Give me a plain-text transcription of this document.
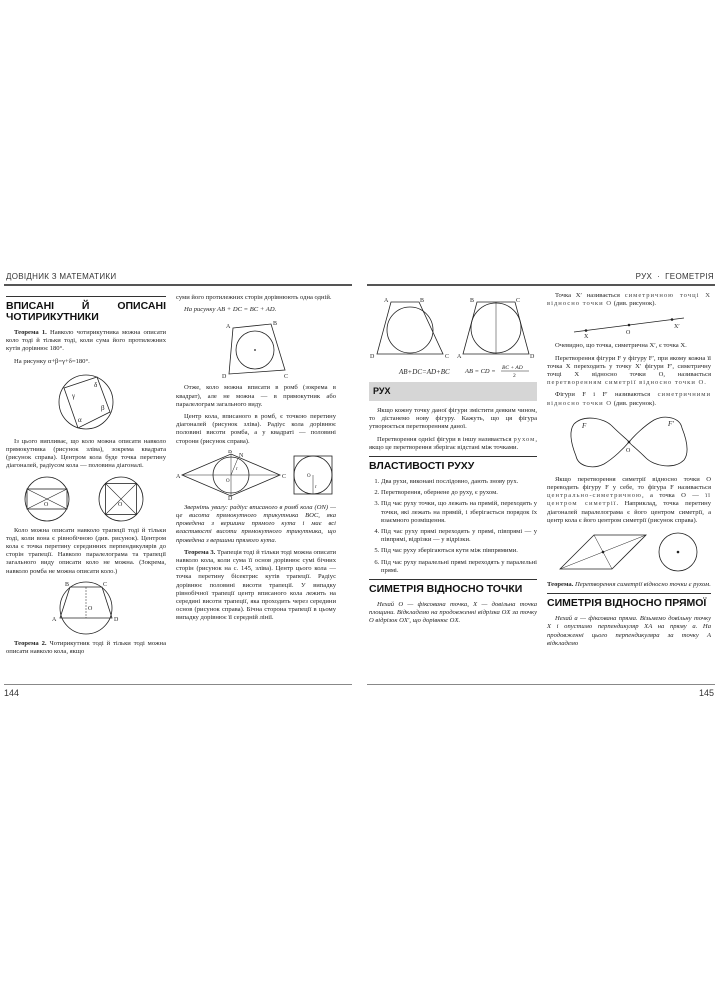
ДОВІДНИК З МАТЕМАТИКИ
ВПИСАНІ Й ОПИСАНІ ЧОТИРИКУТНИКИ

Теорема 1. Навколо чотирикутника можна описати коло тоді й тільки тоді, коли сума його протилежних кутів дорівнює 180°.

На рисунку α+β=γ+δ=180°.

γ
δ
β
α

Із цього випливає, що коло можна описати навколо прямокутника (рисунок зліва), зокрема квадрата (рисунок справа). Центром кола буде точка перетину діагоналей, радіусом кола — половина діагоналі.

O	O

Коло можна описати навколо трапеції тоді й тільки тоді, коли вона є рівнобічною (див. рисунок). Центром кола є точка перетину серединних перпендикулярів до сторін трапеції. Навколо паралелограма та трапеції загального виду описати коло не можна. (Зокрема, навколо ромба не можна описати коло.)

B	C
A	D
O

Теорема 2. Чотирикутник тоді й тільки тоді можна описати навколо кола, якщо

суми його протилежних сторін дорівнюють одна одній.

На рисунку AB + DC = BC + AD.

A	B
C
D

Отже, коло можна вписати в ромб (зокрема в квадрат), але не можна — в прямокутник або паралелограм загального виду.

Центр кола, вписаного в ромб, є точкою перетину діагоналей (рисунок зліва). Радіус кола дорівнює половині висоти ромба, а у квадраті — половині сторони (рисунок справа).

A
B
N
C
D
r
O
r
O

Зверніть увагу: радіус вписаного в ромб кола (ON) — це висота прямокутного трикутника BOC, яка проведена з вершини прямого кута і має всі властивості висоти прямокутного трикутника, що проведена з вершини прямого кута.

Теорема 3. Трапеція тоді й тільки тоді можна описати навколо кола, коли сума її основ дорівнює сумі бічних сторін (рисунок на с. 145, зліва). Центр цього кола — точка перетину бісектрис кутів трапеції. Радіус дорівнює половині висоти трапеції. У випадку рівнобічної трапеції центр вписаного кола лежить на середині висоти трапеції, яка проходить через середини основ (рисунок справа). Бічна сторона трапеції в цьому випадку дорівнює її середній лінії.

144
РУХ  ·  ГЕОМЕТРІЯ
A	B
C
D
AB+DC=AD+BC
B	C
A	D
AB = CD = BC + AD
2
РУХ

Якщо кожну точку даної фігури змістити деяким чином, то дістанемо нову фігуру. Кажуть, що ця фігура утворюється перетворенням даної.

Перетворення однієї фігури в іншу називається рухом, якщо це перетворення зберігає відстані між точками.

ВЛАСТИВОСТІ РУХУ
1. Два рухи, виконані послідовно, дають знову рух.
2. Перетворення, обернене до руху, є рухом.
3. Під час руху точки, що лежать на прямій, переходять у точки, які лежать на прямій, і зберігається порядок їх взаємного розміщення.
4. Під час руху прямі переходять у прямі, півпрямі — у півпрямі, відрізки — у відрізки.
5. Під час руху зберігаються кути між півпрямими.
6. Під час руху паралельні прямі переходять у паралельні прямі.
СИМЕТРІЯ ВІДНОСНО ТОЧКИ

Нехай O — фіксована точка, X — довільна точка площини. Відкладемо на продовженні відрізка OX за точку O відрізок OX′, що дорівнює OX.

Точка X′ називається симетричною точці X відносно точки O (див. рисунок).

X
O
X′

Очевидно, що точка, симетрична X′, є точка X.

Перетворення фігури F у фігуру F′, при якому кожна її точка X переходить у точку X′ фігури F′, симетричну точці X відносно точки O, називається перетворенням симетрії відносно точки O.

Фігури F і F′ називаються симетричними відносно точки O (див. рисунок).

F	F′
O

Якщо перетворення симетрії відносно точки O переводить фігуру F у себе, то фігура F називається центрально-симетричною, а точка O — її центром симетрії. Наприклад, точка перетину діагоналей паралелограма є його центром симетрії, а центр кола є його центром симетрії (рисунок справа).

Теорема. Перетворення симетрії відносно точки є рухом.

СИМЕТРІЯ ВІДНОСНО ПРЯМОЇ

Нехай a — фіксована пряма. Візьмемо довільну точку X і опустимо перпендикуляр XA на пряму a. На продовженні цього перпендикуляра за точку A відкладемо

145
